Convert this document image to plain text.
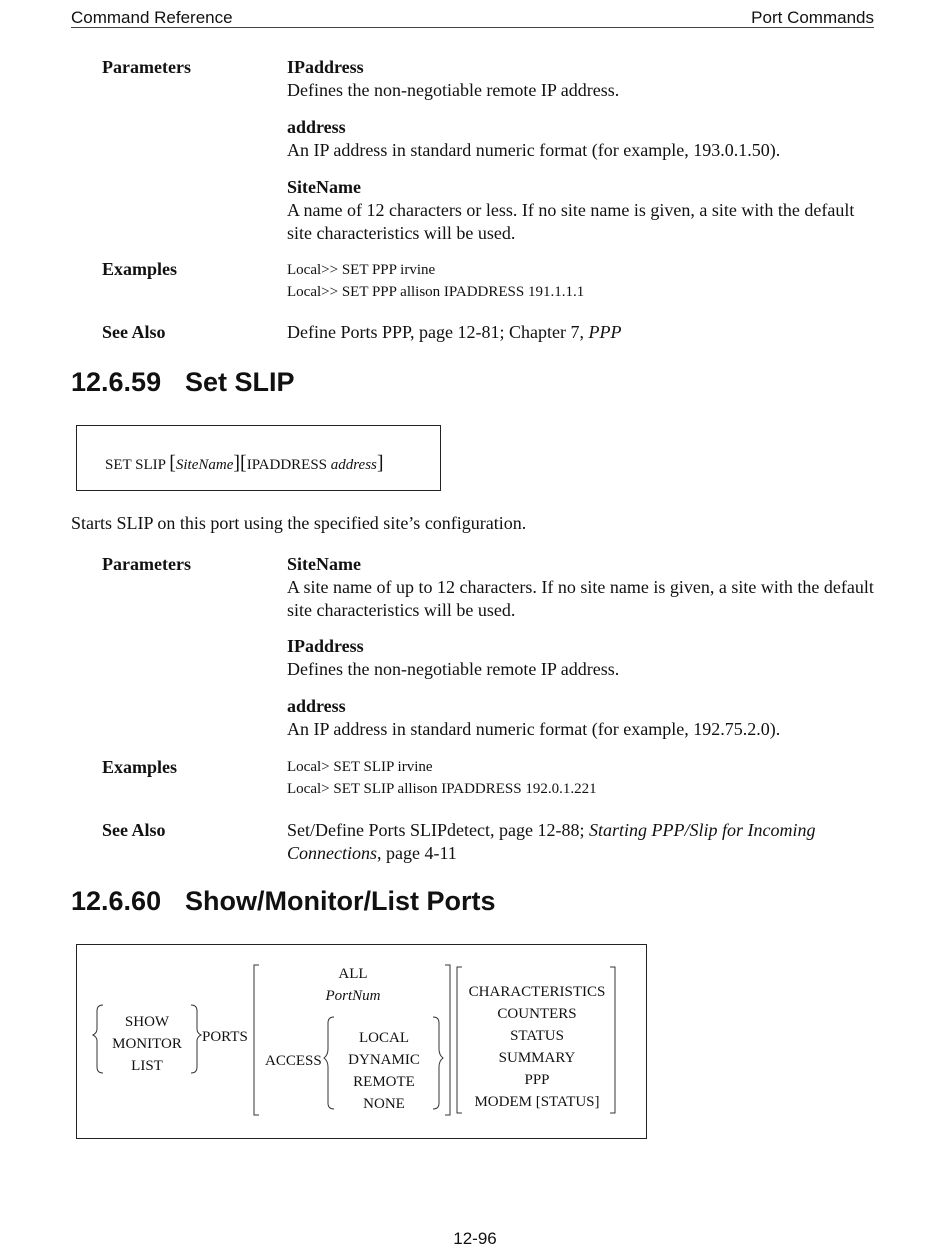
Command Reference	Port Commands
Parameters	IPaddress
Defines the non-negotiable remote IP address.
address
An IP address in standard numeric format (for example, 193.0.1.50).
SiteName
A name of 12 characters or less. If no site name is given, a site with the default site characteristics will be used.
Examples	Local>> SET PPP irvine
Local>> SET PPP allison IPADDRESS 191.1.1.1
See Also	Define Ports PPP, page 12-81; Chapter 7, PPP
12.6.59 Set SLIP
SET SLIP [SiteName][IPADDRESS address]
Starts SLIP on this port using the specified site’s configuration.
Parameters	SiteName
A site name of up to 12 characters. If no site name is given, a site with the default site characteristics will be used.
IPaddress
Defines the non-negotiable remote IP address.
address
An IP address in standard numeric format (for example, 192.75.2.0).
Examples	Local> SET SLIP irvine
Local> SET SLIP allison IPADDRESS 192.0.1.221
See Also	Set/Define Ports SLIPdetect, page 12-88; Starting PPP/Slip for Incoming Connections, page 4-11
12.6.60 Show/Monitor/List Ports
SHOW
MONITOR
LIST
PORTS
ALL
PortNum
ACCESS
LOCAL
DYNAMIC
REMOTE
NONE
CHARACTERISTICS
COUNTERS
STATUS
SUMMARY
PPP
MODEM [STATUS]
12-96
